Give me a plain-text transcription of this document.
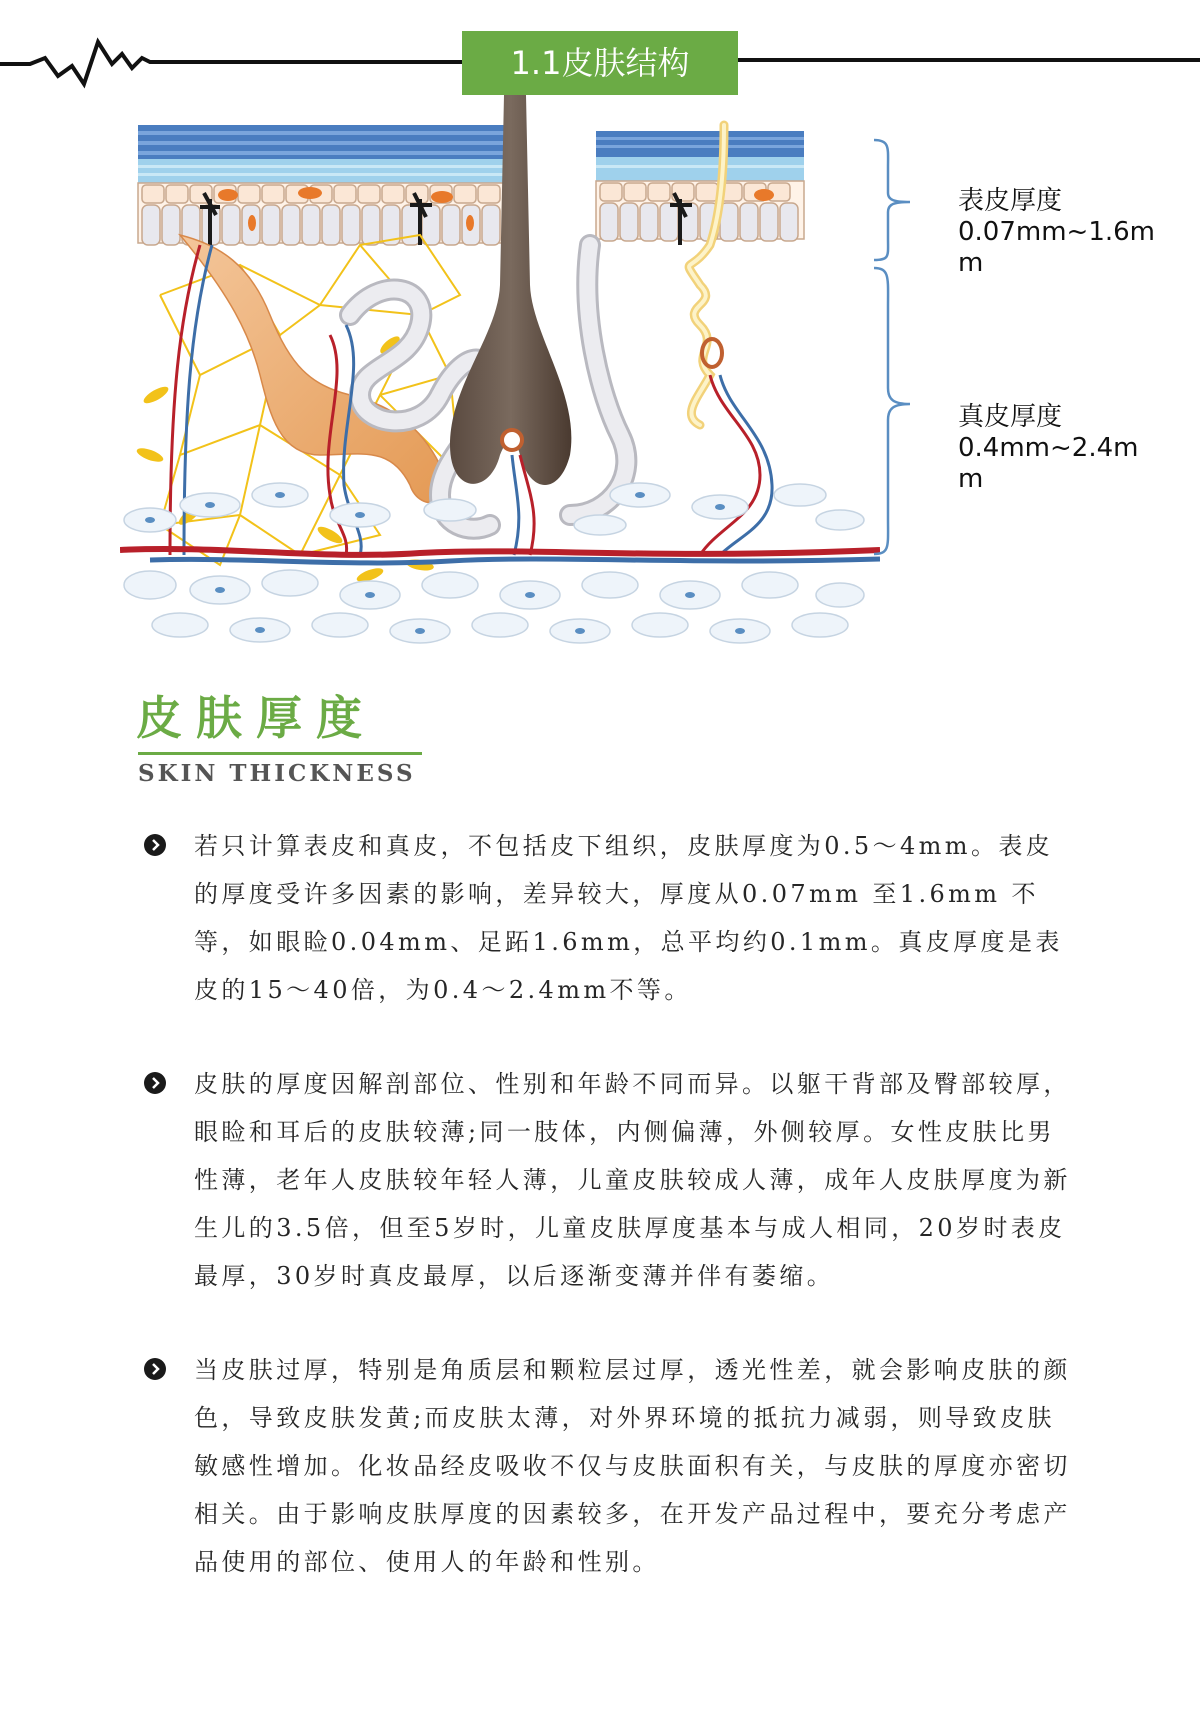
1.1皮肤结构
表皮厚度
0.07mm~1.6mm
真皮厚度
0.4mm~2.4mm
皮肤厚度
SKIN THICKNESS
若只计算表皮和真皮，不包括皮下组织，皮肤厚度为0.5～4mm。表皮的厚度受许多因素的影响，差异较大，厚度从0.07mm 至1.6mm 不等，如眼睑0.04mm、足跖1.6mm，总平均约0.1mm。真皮厚度是表皮的15～40倍，为0.4～2.4mm不等。
皮肤的厚度因解剖部位、性别和年龄不同而异。以躯干背部及臀部较厚，眼睑和耳后的皮肤较薄;同一肢体，内侧偏薄，外侧较厚。女性皮肤比男性薄，老年人皮肤较年轻人薄，儿童皮肤较成人薄，成年人皮肤厚度为新生儿的3.5倍，但至5岁时，儿童皮肤厚度基本与成人相同，20岁时表皮最厚，30岁时真皮最厚，以后逐渐变薄并伴有萎缩。
当皮肤过厚，特别是角质层和颗粒层过厚，透光性差，就会影响皮肤的颜色，导致皮肤发黄;而皮肤太薄，对外界环境的抵抗力减弱，则导致皮肤敏感性增加。化妆品经皮吸收不仅与皮肤面积有关，与皮肤的厚度亦密切相关。由于影响皮肤厚度的因素较多，在开发产品过程中，要充分考虑产品使用的部位、使用人的年龄和性别。
